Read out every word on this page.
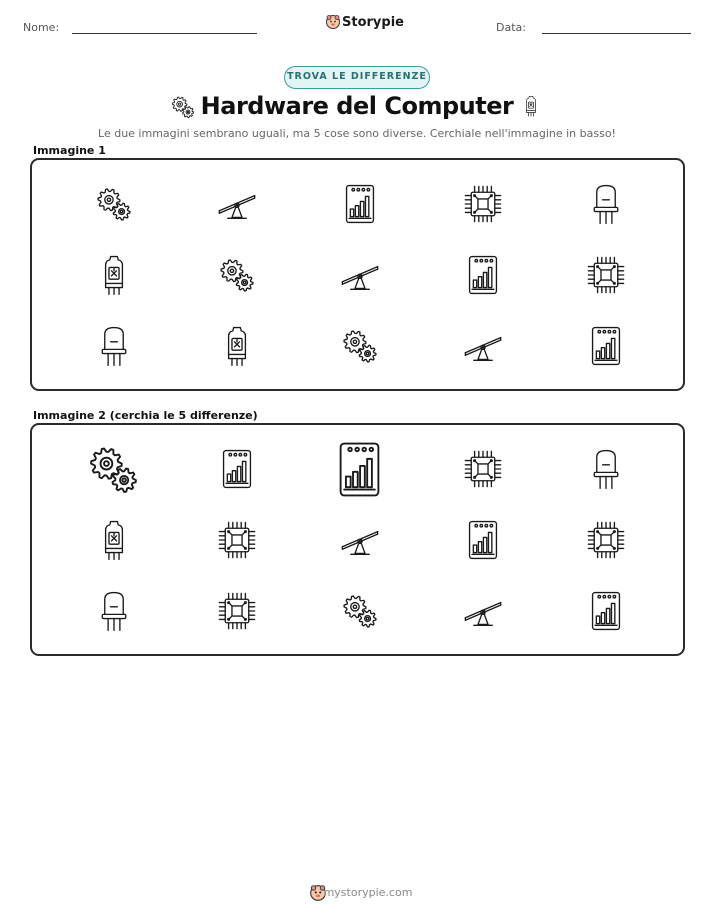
Nome:	Storypie	Data:
TROVA LE DIFFERENZE
Hardware del Computer
Le due immagini sembrano uguali, ma 5 cose sono diverse. Cerchiale nell'immagine in basso!
Immagine 1
Immagine 2 (cerchia le 5 differenze)
mystorypie.com
